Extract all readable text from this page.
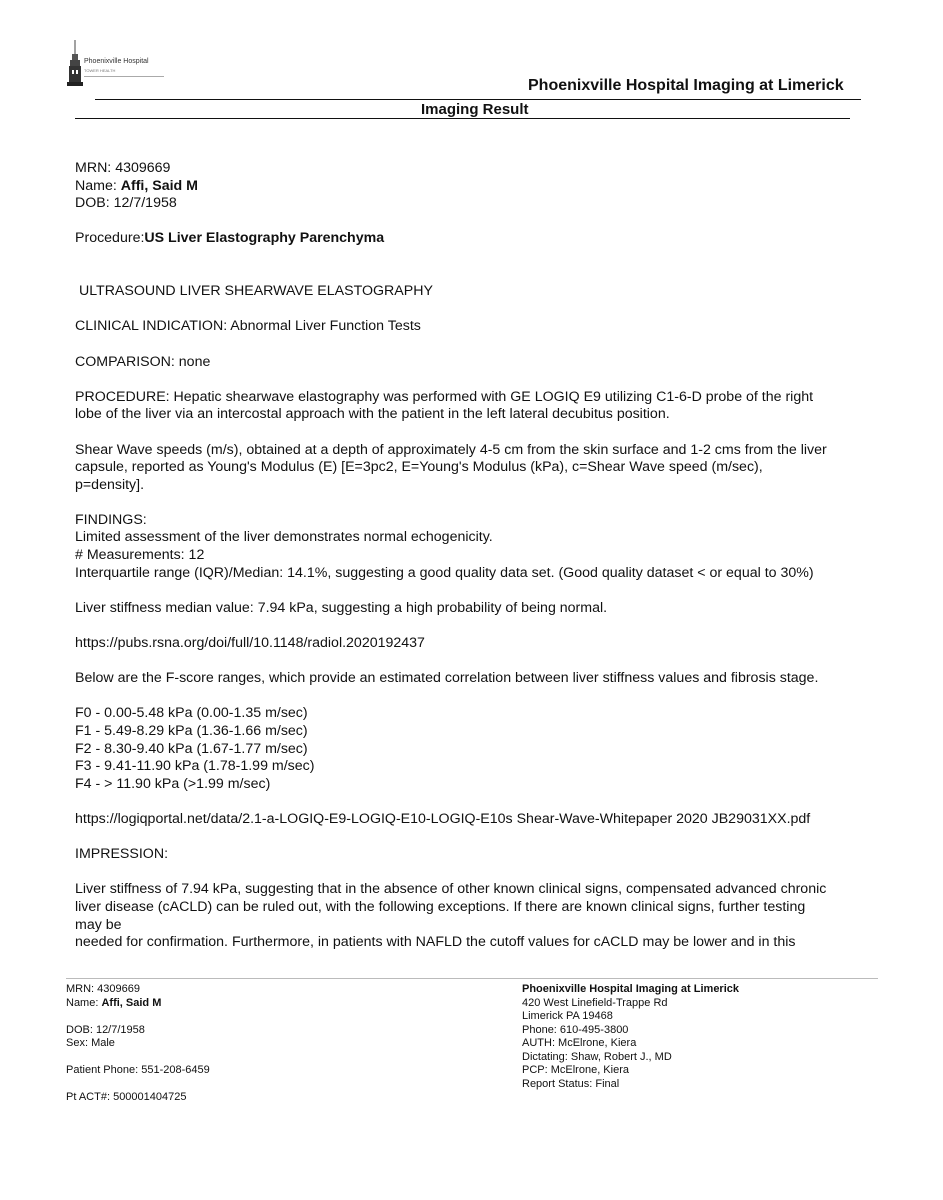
Phoenixville Hospital
TOWER HEALTH
Phoenixville Hospital Imaging at Limerick
Imaging Result

MRN: 4309669

Name: Affi, Said M

DOB: 12/7/1958

Procedure:US Liver Elastography Parenchyma

ULTRASOUND LIVER SHEARWAVE ELASTOGRAPHY

CLINICAL INDICATION: Abnormal Liver Function Tests

COMPARISON: none

PROCEDURE: Hepatic shearwave elastography was performed with GE LOGIQ E9 utilizing C1-6-D probe of the right

lobe of the liver via an intercostal approach with the patient in the left lateral decubitus position.

Shear Wave speeds (m/s), obtained at a depth of approximately 4-5 cm from the skin surface and 1-2 cms from the liver

capsule, reported as Young's Modulus (E) [E=3pc2, E=Young's Modulus (kPa), c=Shear Wave speed (m/sec),

p=density].

FINDINGS:

Limited assessment of the liver demonstrates normal echogenicity.

# Measurements: 12

Interquartile range (IQR)/Median: 14.1%, suggesting a good quality data set. (Good quality dataset < or equal to 30%)

Liver stiffness median value: 7.94 kPa, suggesting a high probability of being normal.

https://pubs.rsna.org/doi/full/10.1148/radiol.2020192437

Below are the F-score ranges, which provide an estimated correlation between liver stiffness values and fibrosis stage.

F0 - 0.00-5.48 kPa (0.00-1.35 m/sec)

F1 - 5.49-8.29 kPa (1.36-1.66 m/sec)

F2 - 8.30-9.40 kPa (1.67-1.77 m/sec)

F3 - 9.41-11.90 kPa (1.78-1.99 m/sec)

F4 - > 11.90 kPa (>1.99 m/sec)

https://logiqportal.net/data/2.1-a-LOGIQ-E9-LOGIQ-E10-LOGIQ-E10s Shear-Wave-Whitepaper 2020 JB29031XX.pdf

IMPRESSION:

Liver stiffness of 7.94 kPa, suggesting that in the absence of other known clinical signs, compensated advanced chronic

liver disease (cACLD) can be ruled out, with the following exceptions. If there are known clinical signs, further testing

may be

needed for confirmation. Furthermore, in patients with NAFLD the cutoff values for cACLD may be lower and in this

MRN: 4309669

Name: Affi, Said M

DOB: 12/7/1958

Sex: Male

Patient Phone: 551-208-6459

Pt ACT#: 500001404725

Phoenixville Hospital Imaging at Limerick

420 West Linefield-Trappe Rd

Limerick PA 19468

Phone: 610-495-3800

AUTH: McElrone, Kiera

Dictating: Shaw, Robert J., MD

PCP: McElrone, Kiera

Report Status: Final
